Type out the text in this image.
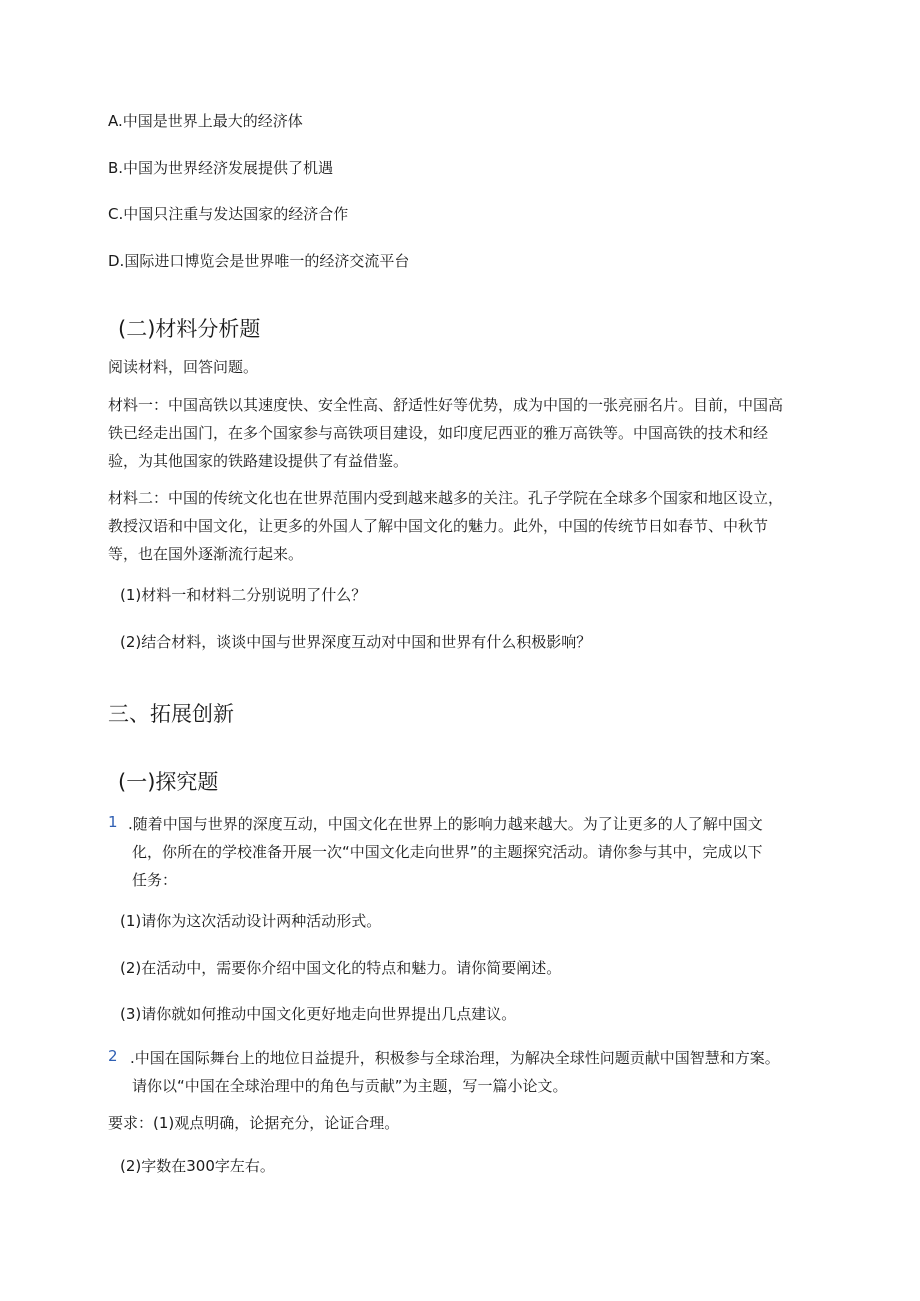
A.中国是世界上最大的经济体
B.中国为世界经济发展提供了机遇
C.中国只注重与发达国家的经济合作
D.国际进口博览会是世界唯一的经济交流平台
(二)材料分析题
阅读材料，回答问题。
材料一：中国高铁以其速度快、安全性高、舒适性好等优势，成为中国的一张亮丽名片。目前，中国高
铁已经走出国门，在多个国家参与高铁项目建设，如印度尼西亚的雅万高铁等。中国高铁的技术和经
验，为其他国家的铁路建设提供了有益借鉴。
材料二：中国的传统文化也在世界范围内受到越来越多的关注。孔子学院在全球多个国家和地区设立，
教授汉语和中国文化，让更多的外国人了解中国文化的魅力。此外，中国的传统节日如春节、中秋节
等，也在国外逐渐流行起来。
(1)材料一和材料二分别说明了什么？
(2)结合材料，谈谈中国与世界深度互动对中国和世界有什么积极影响？
三、拓展创新
(一)探究题
1 .随着中国与世界的深度互动，中国文化在世界上的影响力越来越大。为了让更多的人了解中国文
化，你所在的学校准备开展一次“中国文化走向世界”的主题探究活动。请你参与其中，完成以下
任务：
(1)请你为这次活动设计两种活动形式。
(2)在活动中，需要你介绍中国文化的特点和魅力。请你简要阐述。
(3)请你就如何推动中国文化更好地走向世界提出几点建议。
2 .中国在国际舞台上的地位日益提升，积极参与全球治理，为解决全球性问题贡献中国智慧和方案。
请你以“中国在全球治理中的角色与贡献”为主题，写一篇小论文。
要求：(1)观点明确，论据充分，论证合理。
(2)字数在300字左右。
